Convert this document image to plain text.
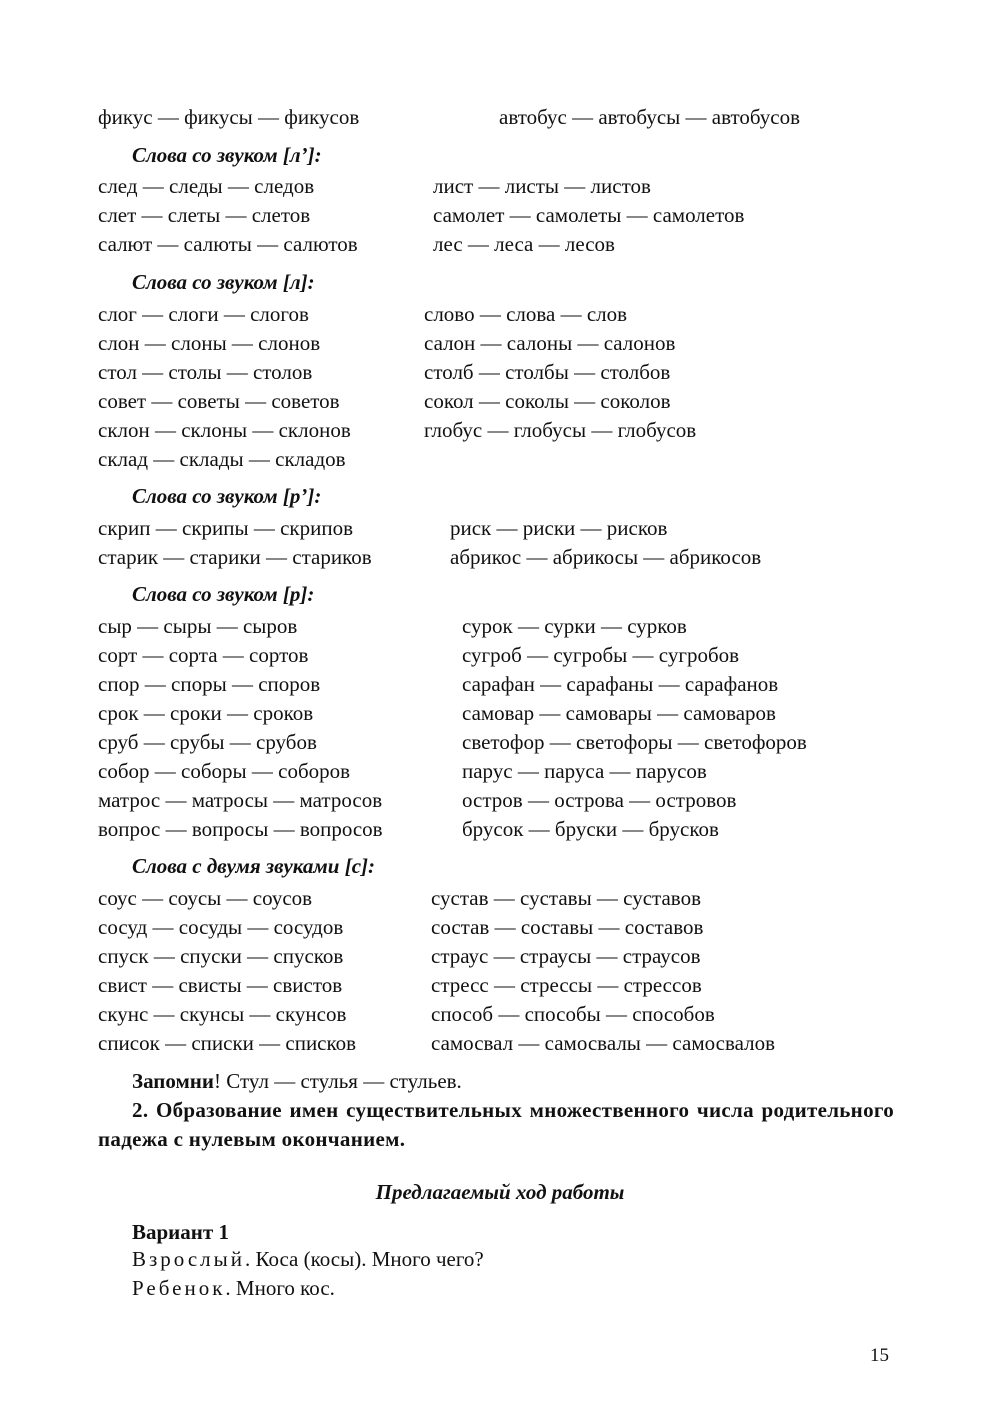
фикус — фикусы — фикусов	автобус — автобусы — автобусов
Слова со звуком [л’]:
след — следы — следов	лист — листы — листов
слет — слеты — слетов	самолет — самолеты — самолетов
салют — салюты — салютов	лес — леса — лесов
Слова со звуком [л]:
слог — слоги — слогов	слово — слова — слов
слон — слоны — слонов	салон — салоны — салонов
стол — столы — столов	столб — столбы — столбов
совет — советы — советов	сокол — соколы — соколов
склон — склоны — склонов	глобус — глобусы — глобусов
склад — склады — складов
Слова со звуком [р’]:
скрип — скрипы — скрипов	риск — риски — рисков
старик — старики — стариков	абрикос — абрикосы — абрикосов
Слова со звуком [р]:
сыр — сыры — сыров	сурок — сурки — сурков
сорт — сорта — сортов	сугроб — сугробы — сугробов
спор — споры — споров	сарафан — сарафаны — сарафанов
срок — сроки — сроков	самовар — самовары — самоваров
сруб — срубы — срубов	светофор — светофоры — светофоров
собор — соборы — соборов	парус — паруса — парусов
матрос — матросы — матросов	остров — острова — островов
вопрос — вопросы — вопросов	брусок — бруски — брусков
Слова с двумя звуками [с]:
соус — соусы — соусов	сустав — суставы — суставов
сосуд — сосуды — сосудов	состав — составы — составов
спуск — спуски — спусков	страус — страусы — страусов
свист — свисты — свистов	стресс — стрессы — стрессов
скунс — скунсы — скунсов	способ — способы — способов
список — списки — списков	самосвал — самосвалы — самосвалов
Запомни! Стул — стулья — стульев.
2. Образование имен существительных множественного числа родительного падежа с нулевым окончанием.
Предлагаемый ход работы
Вариант 1
Взрослый. Коса (косы). Много чего?
Ребенок. Много кос.
15
